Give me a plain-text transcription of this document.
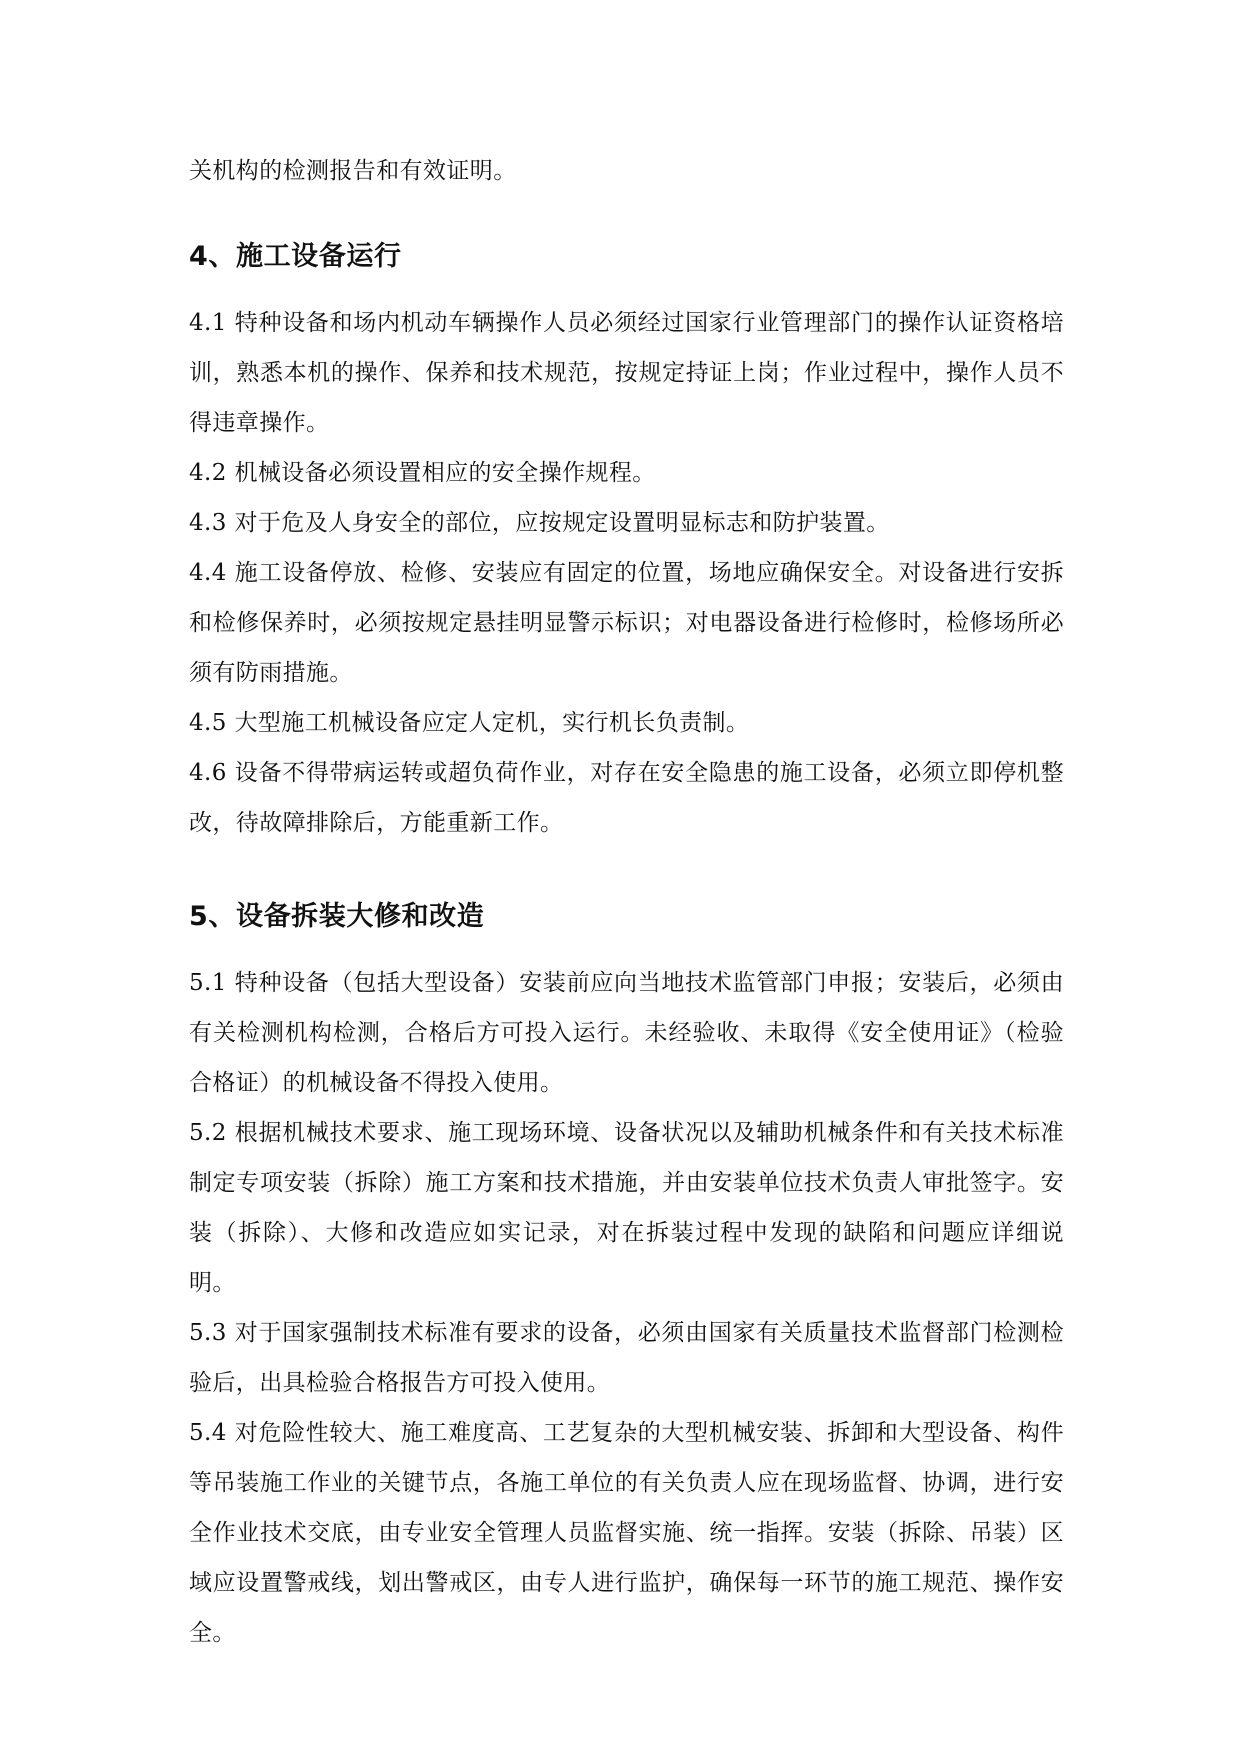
关机构的检测报告和有效证明。

4、施工设备运行

4.1 特种设备和场内机动车辆操作人员必须经过国家行业管理部门的操作认证资格培训，熟悉本机的操作、保养和技术规范，按规定持证上岗；作业过程中，操作人员不得违章操作。

4.2 机械设备必须设置相应的安全操作规程。

4.3 对于危及人身安全的部位，应按规定设置明显标志和防护装置。

4.4 施工设备停放、检修、安装应有固定的位置，场地应确保安全。对设备进行安拆和检修保养时，必须按规定悬挂明显警示标识；对电器设备进行检修时，检修场所必须有防雨措施。

4.5 大型施工机械设备应定人定机，实行机长负责制。

4.6 设备不得带病运转或超负荷作业，对存在安全隐患的施工设备，必须立即停机整改，待故障排除后，方能重新工作。

5、设备拆装大修和改造

5.1 特种设备（包括大型设备）安装前应向当地技术监管部门申报；安装后，必须由有关检测机构检测，合格后方可投入运行。未经验收、未取得《安全使用证》（检验合格证）的机械设备不得投入使用。

5.2 根据机械技术要求、施工现场环境、设备状况以及辅助机械条件和有关技术标准制定专项安装（拆除）施工方案和技术措施，并由安装单位技术负责人审批签字。安装（拆除）、大修和改造应如实记录，对在拆装过程中发现的缺陷和问题应详细说明。

5.3 对于国家强制技术标准有要求的设备，必须由国家有关质量技术监督部门检测检验后，出具检验合格报告方可投入使用。

5.4 对危险性较大、施工难度高、工艺复杂的大型机械安装、拆卸和大型设备、构件等吊装施工作业的关键节点，各施工单位的有关负责人应在现场监督、协调，进行安全作业技术交底，由专业安全管理人员监督实施、统一指挥。安装（拆除、吊装）区域应设置警戒线，划出警戒区，由专人进行监护，确保每一环节的施工规范、操作安全。
